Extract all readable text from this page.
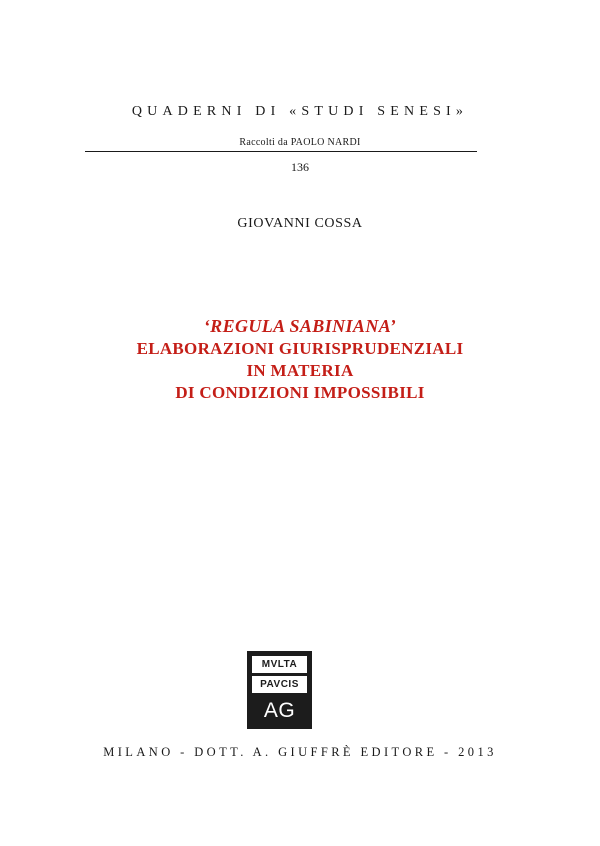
QUADERNI DI «STUDI SENESI»
Raccolti da PAOLO NARDI
136
GIOVANNI COSSA
‘REGULA SABINIANA’
ELABORAZIONI GIURISPRUDENZIALI
IN MATERIA
DI CONDIZIONI IMPOSSIBILI
MVLTA
PAVCIS
AG
MILANO - DOTT. A. GIUFFRÈ EDITORE - 2013
